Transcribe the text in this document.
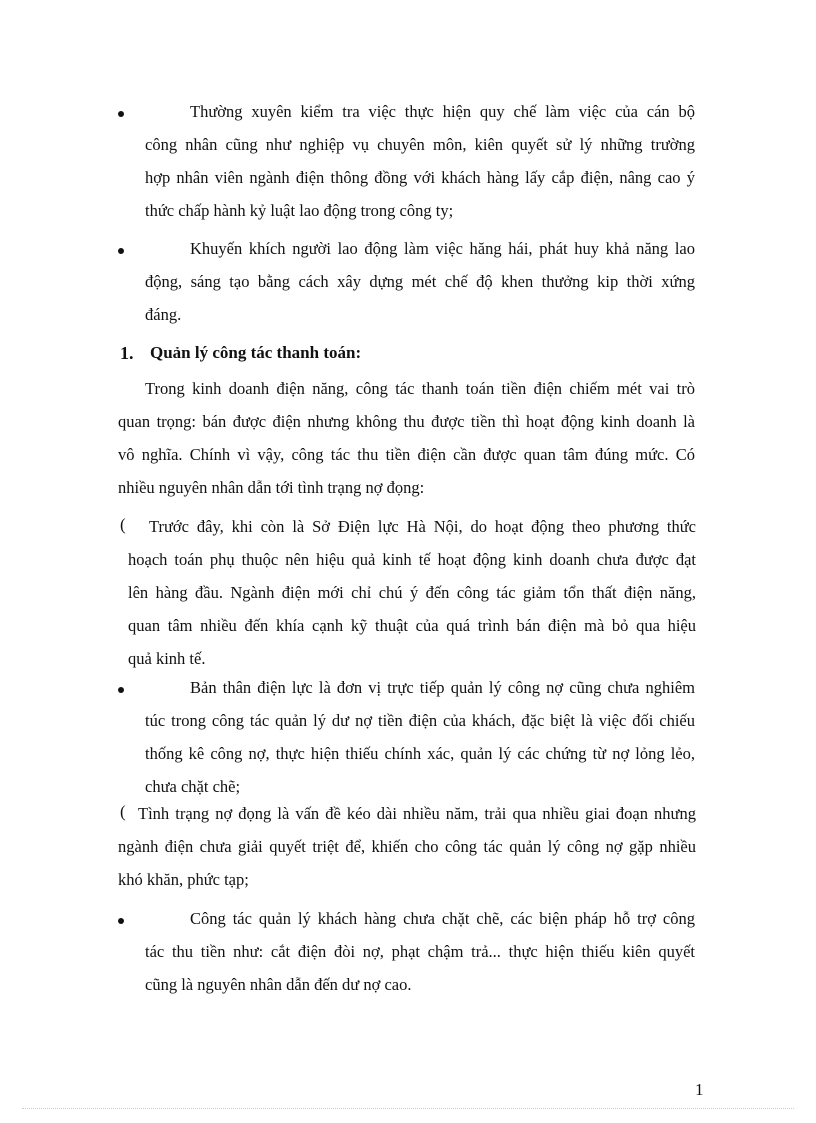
Thường xuyên kiểm tra việc thực hiện quy chế làm việc của cán bộ
công nhân cũng như nghiệp vụ chuyên môn, kiên quyết sử lý những trường
hợp nhân viên ngành điện thông đồng với khách hàng lấy cắp điện, nâng cao ý
thức chấp hành kỷ luật lao động trong công ty;
Khuyến khích người lao động làm việc hăng hái, phát huy khả năng lao
động, sáng tạo bằng cách xây dựng mét chế độ khen thưởng kip thời xứng
đáng.
1. Quản lý công tác thanh toán:
Trong kinh doanh điện năng, công tác thanh toán tiền điện chiếm mét vai trò
quan trọng: bán được điện nhưng không thu được tiền thì hoạt động kinh doanh là
vô nghĩa. Chính vì vậy, công tác thu tiền điện cần được quan tâm đúng mức. Có
nhiều nguyên nhân dẫn tới tình trạng nợ đọng:
(	Trước đây, khi còn là Sở Điện lực Hà Nội, do hoạt động theo phương thức
hoạch toán phụ thuộc nên hiệu quả kinh tế hoạt động kinh doanh chưa được đạt
lên hàng đầu. Ngành điện mới chỉ chú ý đến công tác giảm tổn thất điện năng,
quan tâm nhiều đến khía cạnh kỹ thuật của quá trình bán điện mà bỏ qua hiệu
quả kinh tế.
Bản thân điện lực là đơn vị trực tiếp quản lý công nợ cũng chưa nghiêm
túc trong công tác quản lý dư nợ tiền điện của khách, đặc biệt là việc đối chiếu
thống kê công nợ, thực hiện thiếu chính xác, quản lý các chứng từ nợ lỏng lẻo,
chưa chặt chẽ;
( Tình trạng nợ đọng là vấn đề kéo dài nhiều năm, trải qua nhiều giai đoạn nhưng
ngành điện chưa giải quyết triệt để, khiến cho công tác quản lý công nợ gặp nhiều
khó khăn, phức tạp;
Công tác quản lý khách hàng chưa chặt chẽ, các biện pháp hỗ trợ công
tác thu tiền như: cắt điện đòi nợ, phạt chậm trả... thực hiện thiếu kiên quyết
cũng là nguyên nhân dẫn đến dư nợ cao.
1
